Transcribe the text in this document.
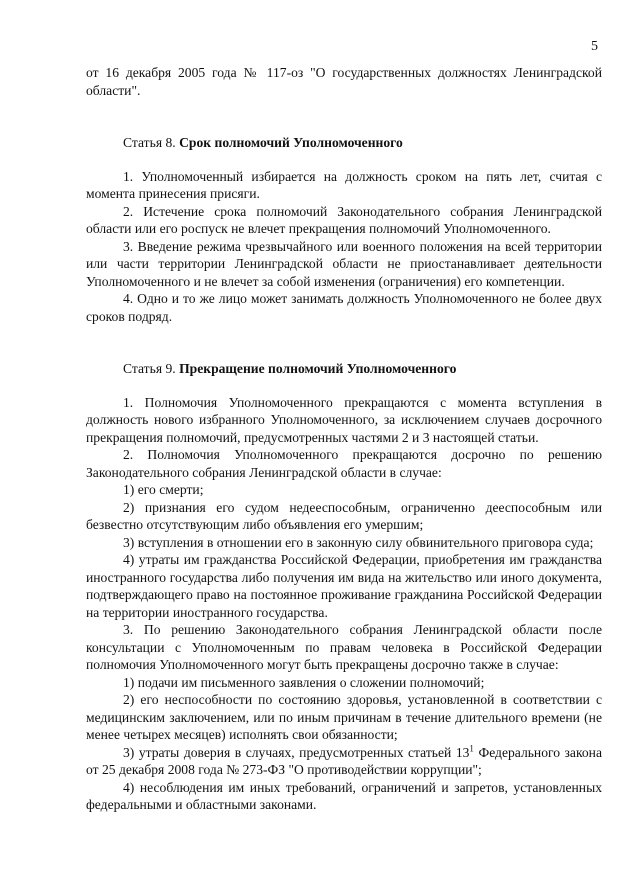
5

от 16 декабря 2005 года № 117-оз "О государственных должностях Ленинградской области".

Статья 8. Срок полномочий Уполномоченного

1. Уполномоченный избирается на должность сроком на пять лет, считая с момента принесения присяги.

2. Истечение срока полномочий Законодательного собрания Ленинградской области или его роспуск не влечет прекращения полномочий Уполномоченного.

3. Введение режима чрезвычайного или военного положения на всей территории или части территории Ленинградской области не приостанавливает деятельности Уполномоченного и не влечет за собой изменения (ограничения) его компетенции.

4. Одно и то же лицо может занимать должность Уполномоченного не более двух сроков подряд.

Статья 9. Прекращение полномочий Уполномоченного

1. Полномочия Уполномоченного прекращаются с момента вступления в должность нового избранного Уполномоченного, за исключением случаев досрочного прекращения полномочий, предусмотренных частями 2 и 3 настоящей статьи.

2. Полномочия Уполномоченного прекращаются досрочно по решению Законодательного собрания Ленинградской области в случае:

1) его смерти;

2) признания его судом недееспособным, ограниченно дееспособным или безвестно отсутствующим либо объявления его умершим;

3) вступления в отношении его в законную силу обвинительного приговора суда;

4) утраты им гражданства Российской Федерации, приобретения им гражданства иностранного государства либо получения им вида на жительство или иного документа, подтверждающего право на постоянное проживание гражданина Российской Федерации на территории иностранного государства.

3. По решению Законодательного собрания Ленинградской области после консультации с Уполномоченным по правам человека в Российской Федерации полномочия Уполномоченного могут быть прекращены досрочно также в случае:

1) подачи им письменного заявления о сложении полномочий;

2) его неспособности по состоянию здоровья, установленной в соответствии с медицинским заключением, или по иным причинам в течение длительного времени (не менее четырех месяцев) исполнять свои обязанности;

3) утраты доверия в случаях, предусмотренных статьей $13^1$ Федерального закона от 25 декабря 2008 года № 273-ФЗ "О противодействии коррупции";

4) несоблюдения им иных требований, ограничений и запретов, установленных федеральными и областными законами.
